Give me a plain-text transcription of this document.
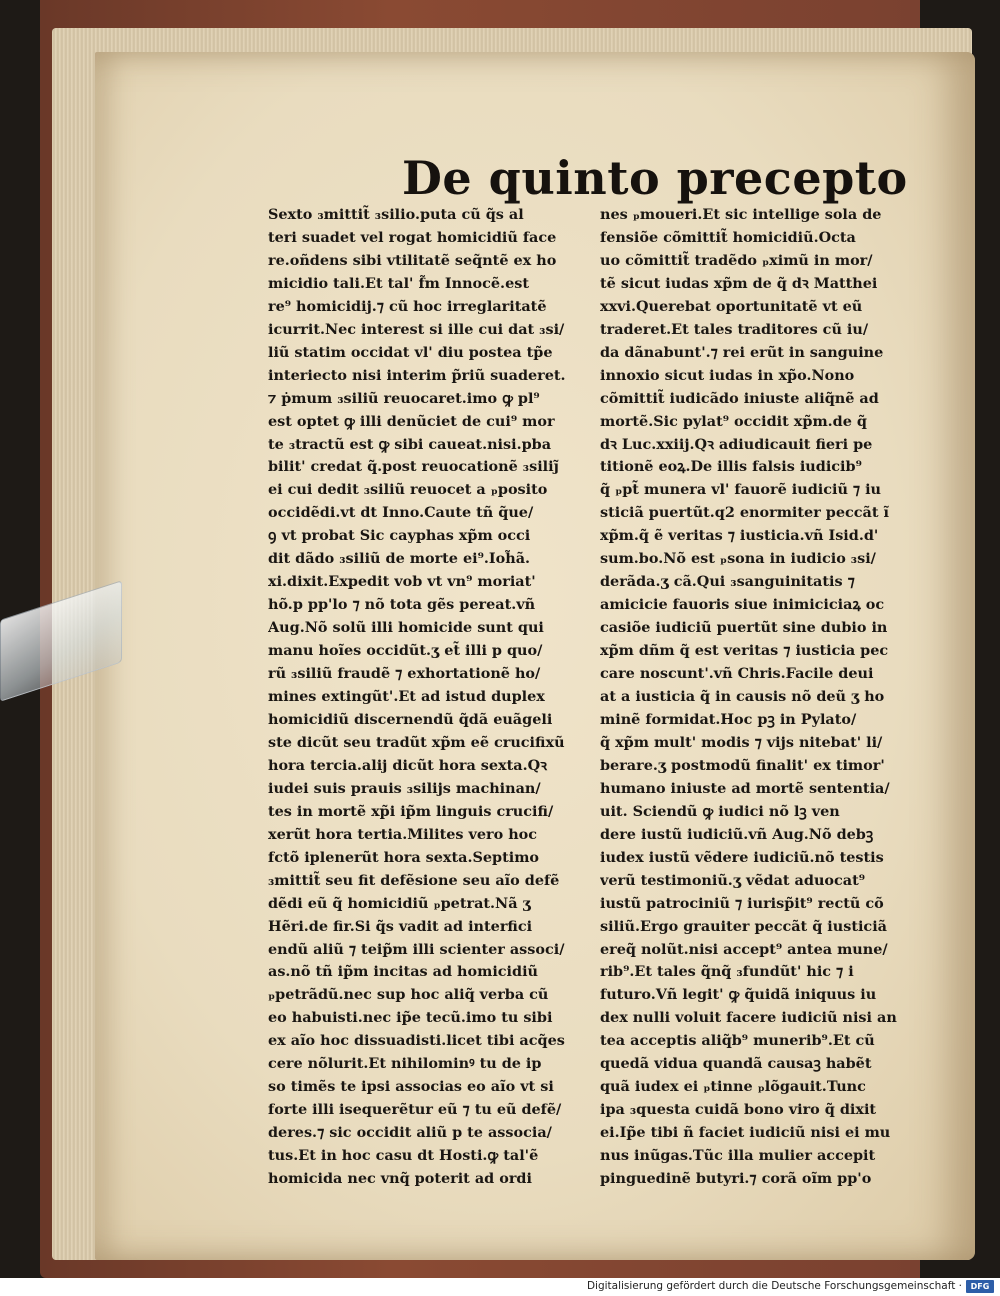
De quinto precepto
Sexto ₃mittit̃ ₃silio.puta cũ q̃s al
teri suadet vel rogat homicidiũ face
re.oñdens sibi vtilitatẽ seq̃ntẽ ex ho
micidio tali.Et tal' f̃m Innocẽ.est
re⁹ homicidij.⁊ cũ hoc irreglaritatẽ
icurrit.Nec interest si ille cui dat ₃si/
liũ statim occidat vl' diu postea tp̃e
interiecto nisi interim p̃riũ suaderet.
⁊ ṗmum ₃siliũ reuocaret.imo ꝙ pl⁹
est optet ꝙ illi denũciet de cui⁹ mor
te ₃tractũ est ꝙ sibi caueat.nisi.pba
bilit' credat q̃.post reuocationẽ ₃siliȷ̃
ei cui dedit ₃siliũ reuocet a ₚposito
occidẽdi.vt dt Inno.Caute tñ q̃ue/
ꝯ vt probat Sic cayphas xp̃m occi
dit dãdo ₃siliũ de morte ei⁹.Ioh̃ã.
xi.dixit.Expedit vob vt vn⁹ moriat'
hõ.p pp'lo ⁊ nõ tota gẽs pereat.vñ
Aug.Nõ solũ illi homicide sunt qui
manu hoĩes occidũt.ʒ et̃ illi p quo/
rũ ₃siliũ fraudẽ ⁊ exhortationẽ ho/
mines extingũt'.Et ad istud duplex
homicidiũ discernendũ q̃dã euãgeli
ste dicũt seu tradũt xp̃m eẽ crucifixũ
hora tercia.alij dicũt hora sexta.Qꝛ
iudei suis prauis ₃silijs machinan/
tes in mortẽ xp̃i ip̃m linguis crucifi/
xerũt hora tertia.Milites vero hoc
fctõ iplenerũt hora sexta.Septimo
₃mittit̃ seu fit defẽsione seu aĩo defẽ
dẽdi eũ q̃ homicidiũ ₚpetrat.Nã ʒ
Hẽri.de fir.Si q̃s vadit ad interfici
endũ aliũ ⁊ teip̃m illi scienter associ/
as.nõ tñ ip̃m incitas ad homicidiũ
ₚpetrãdũ.nec sup hoc aliq̃ verba cũ
eo habuisti.nec ip̃e tecũ.imo tu sibi
ex aĩo hoc dissuadisti.licet tibi acq̃es
cere nõlurit.Et nihilominꝰ tu de ip
so timẽs te ipsi associas eo aĩo vt si
forte illi isequerẽtur eũ ⁊ tu eũ defẽ/
deres.⁊ sic occidit aliũ p te associa/
tus.Et in hoc casu dt Hosti.ꝙ tal'ẽ
homicida nec vnq̃ poterit ad ordi
nes ₚmoueri.Et sic intellige sola de
fensiõe cõmittit̃ homicidiũ.Octa
uo cõmittit̃ tradẽdo ₚximũ in mor/
tẽ sicut iudas xp̃m de q̃ dꝛ Matthei
xxvi.Querebat oportunitatẽ vt eũ
traderet.Et tales traditores cũ iu/
da dãnabunt'.⁊ rei erũt in sanguine
innoxio sicut iudas in xp̃o.Nono
cõmittit̃ iudicãdo iniuste aliq̃nẽ ad
mortẽ.Sic pylat⁹ occidit xp̃m.de q̃
dꝛ Luc.xxiij.Qꝛ adiudicauit fieri pe
titionẽ eoꝝ.De illis falsis iudicib⁹
q̃ ₚpt̃ munera vl' fauorẽ iudiciũ ⁊ iu
sticiã puertũt.q2 enormiter peccãt ĩ
xp̃m.q̃ ẽ veritas ⁊ iusticia.vñ Isid.d'
sum.bo.Nõ est ₚsona in iudicio ₃si/
derãda.ʒ cã.Qui ₃sanguinitatis ⁊
amicicie fauoris siue inimiciciaꝝ oc
casiõe iudiciũ puertũt sine dubio in
xp̃m dñm q̃ est veritas ⁊ iusticia pec
care noscunt'.vñ Chris.Facile deui
at a iusticia q̃ in causis nõ deũ ʒ ho
minẽ formidat.Hoc pꝫ in Pylato/
q̃ xp̃m mult' modis ⁊ vijs nitebat' li/
berare.ʒ postmodũ finalit' ex timor'
humano iniuste ad mortẽ sententia/
uit. Sciendũ ꝙ iudici nõ lꝫ ven
dere iustũ iudiciũ.vñ Aug.Nõ debꝫ
iudex iustũ vẽdere iudiciũ.nõ testis
verũ testimoniũ.ʒ vẽdat aduocat⁹
iustũ patrociniũ ⁊ iurisp̃it⁹ rectũ cõ
siliũ.Ergo grauiter peccãt q̃ iusticiã
ereq̃ nolũt.nisi accept⁹ antea mune/
rib⁹.Et tales q̃nq̃ ₃fundũt' hic ⁊ i
futuro.Vñ legit' ꝙ q̃uidã iniquus iu
dex nulli voluit facere iudiciũ nisi an
tea acceptis aliq̃b⁹ munerib⁹.Et cũ
quedã vidua quandã causaꝫ habẽt
quã iudex ei ₚtinne ₚlõgauit.Tunc
ipa ₃questa cuidã bono viro q̃ dixit
ei.Ip̃e tibi ñ faciet iudiciũ nisi ei mu
nus inũgas.Tũc illa mulier accepit
pinguedinẽ butyri.⁊ corã oĩm pp'o
Digitalisierung gefördert durch die Deutsche Forschungsgemeinschaft ·	DFG
